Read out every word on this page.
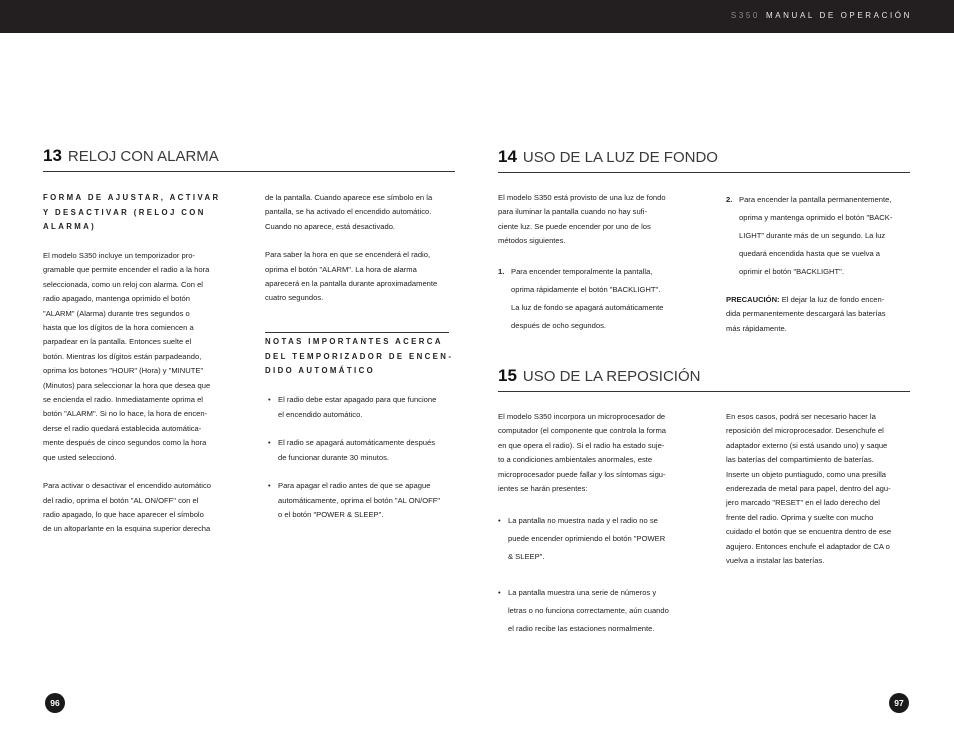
S350 MANUAL DE OPERACIÓN
13 RELOJ CON ALARMA
FORMA DE AJUSTAR, ACTIVAR
Y DESACTIVAR (RELOJ CON
ALARMA)
El modelo S350 incluye un temporizador pro-
gramable que permite encender el radio a la hora
seleccionada, como un reloj con alarma. Con el
radio apagado, mantenga oprimido el botón
"ALARM" (Alarma) durante tres segundos o
hasta que los dígitos de la hora comiencen a
parpadear en la pantalla. Entonces suelte el
botón. Mientras los dígitos están parpadeando,
oprima los botones "HOUR" (Hora) y "MINUTE"
(Minutos) para seleccionar la hora que desea que
se encienda el radio. Inmediatamente oprima el
botón "ALARM". Si no lo hace, la hora de encen-
derse el radio quedará establecida automática-
mente después de cinco segundos como la hora
que usted seleccionó.
Para activar o desactivar el encendido automático
del radio, oprima el botón "AL ON/OFF" con el
radio apagado, lo que hace aparecer el símbolo
de un altoparlante en la esquina superior derecha
de la pantalla. Cuando aparece ese símbolo en la
pantalla, se ha activado el encendido automático.
Cuando no aparece, está desactivado.
Para saber la hora en que se encenderá el radio,
oprima el botón "ALARM". La hora de alarma
aparecerá en la pantalla durante aproximadamente
cuatro segundos.
NOTAS IMPORTANTES ACERCA
DEL TEMPORIZADOR DE ENCEN-
DIDO AUTOMÁTICO
• El radio debe estar apagado para que funcione
el encendido automático.
• El radio se apagará automáticamente después
de funcionar durante 30 minutos.
• Para apagar el radio antes de que se apague
automáticamente, oprima el botón "AL ON/OFF"
o el botón "POWER & SLEEP".
14 USO DE LA LUZ DE FONDO
El modelo S350 está provisto de una luz de fondo
para iluminar la pantalla cuando no hay sufi-
ciente luz. Se puede encender por uno de los
métodos siguientes.
1. Para encender temporalmente la pantalla,
oprima rápidamente el botón "BACKLIGHT".
La luz de fondo se apagará automáticamente
después de ocho segundos.
2. Para encender la pantalla permanentemente,
oprima y mantenga oprimido el botón "BACK-
LIGHT" durante más de un segundo. La luz
quedará encendida hasta que se vuelva a
oprimir el botón "BACKLIGHT".
PRECAUCIÓN: El dejar la luz de fondo encen-
dida permanentemente descargará las baterías
más rápidamente.
15 USO DE LA REPOSICIÓN
El modelo S350 incorpora un microprocesador de
computador (el componente que controla la forma
en que opera el radio). Si el radio ha estado suje-
to a condiciones ambientales anormales, este
microprocesador puede fallar y los síntomas sigu-
ientes se harán presentes:
• La pantalla no muestra nada y el radio no se
puede encender oprimiendo el botón "POWER
& SLEEP".
• La pantalla muestra una serie de números y
letras o no funciona correctamente, aún cuando
el radio recibe las estaciones normalmente.
En esos casos, podrá ser necesario hacer la
reposición del microprocesador. Desenchufe el
adaptador externo (si está usando uno) y saque
las baterías del compartimiento de baterías.
Inserte un objeto puntiagudo, como una presilla
enderezada de metal para papel, dentro del agu-
jero marcado "RESET" en el lado derecho del
frente del radio. Oprima y suelte con mucho
cuidado el botón que se encuentra dentro de ese
agujero. Entonces enchufe el adaptador de CA o
vuelva a instalar las baterías.
96	97
